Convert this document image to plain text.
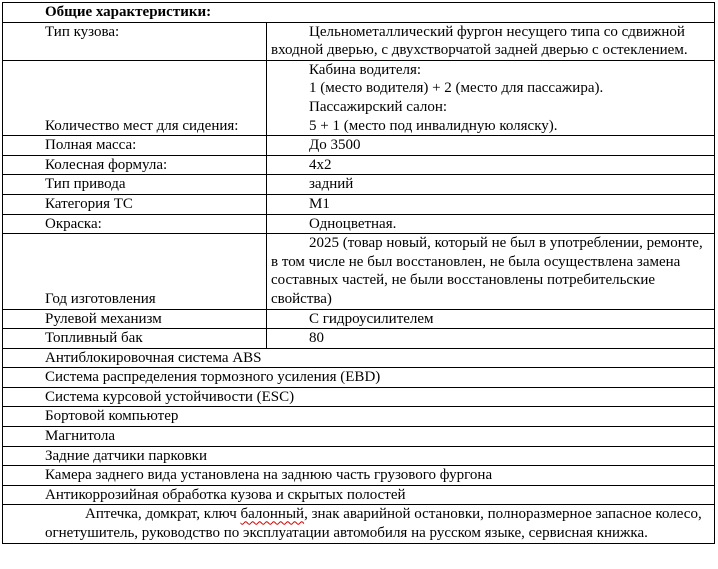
Общие характеристики:	
Тип кузова:	Цельнометаллический фургон несущего типа со сдвижной входной дверью, с двухстворчатой задней дверью с остеклением.
Количество мест для сидения:	Кабина водителя:
1 (место водителя) + 2 (место для пассажира).
Пассажирский салон:
5 + 1 (место под инвалидную коляску).

Полная масса:	До 3500
Колесная формула:	4x2
Тип привода	задний
Категория ТС	M1
Окраска:	Одноцветная.
Год изготовления	2025 (товар новый, который не был в употреблении, ремонте, в том числе не был восстановлен, не была осуществлена замена составных частей, не были восстановлены потребительские свойства)
Рулевой механизм	С гидроусилителем
Топливный бак	80
Антиблокировочная система ABS	
Система распределения тормозного усиления (EBD)	
Система курсовой устойчивости (ESC)	
Бортовой компьютер	
Магнитола	
Задние датчики парковки	
Камера заднего вида установлена на заднюю часть грузового фургона	
Антикоррозийная обработка кузова и скрытых полостей	
Аптечка, домкрат, ключ балонный, знак аварийной остановки, полноразмерное запасное колесо, огнетушитель, руководство по эксплуатации автомобиля на русском языке, сервисная книжка.	
